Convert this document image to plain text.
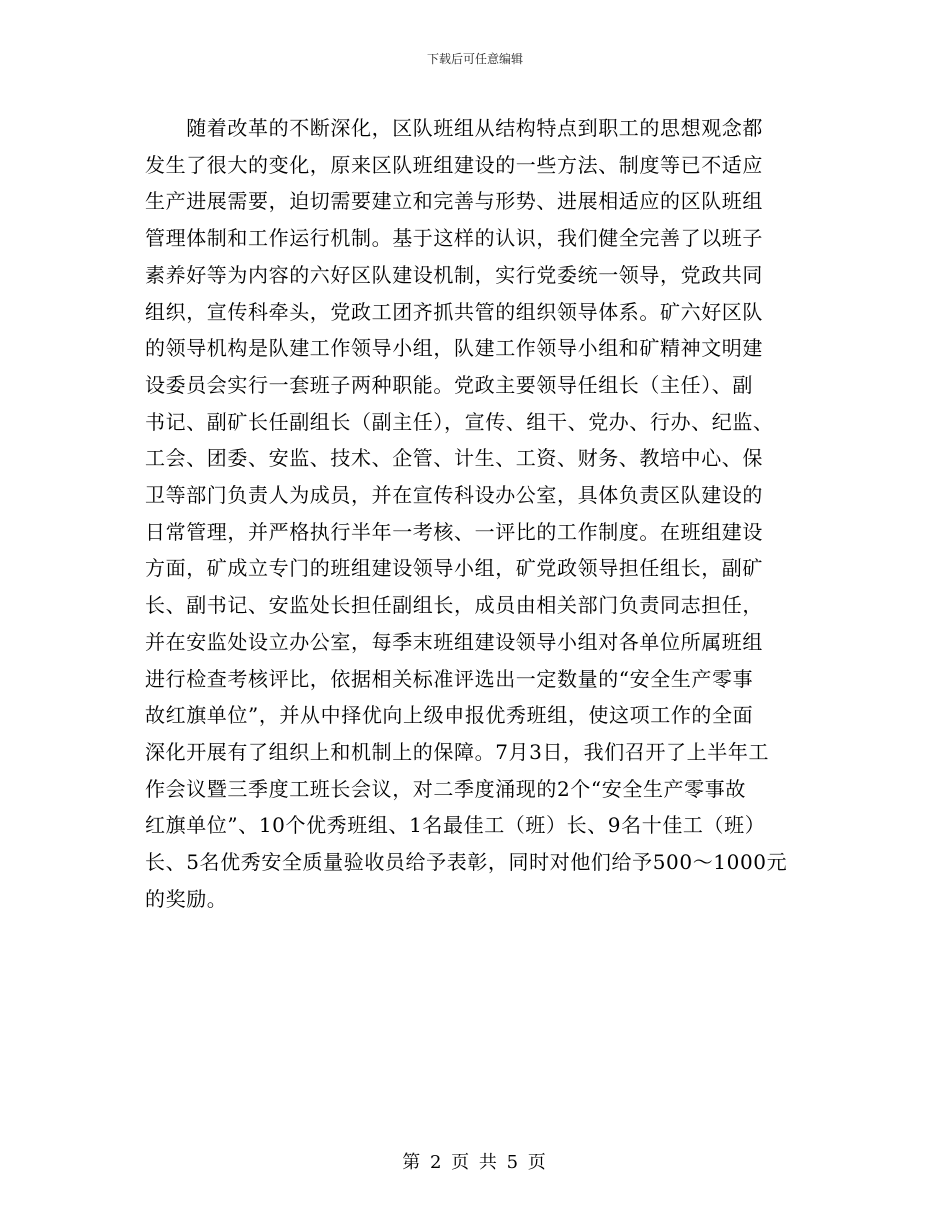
下载后可任意编辑
　　随着改革的不断深化，区队班组从结构特点到职工的思想观念都
发生了很大的变化，原来区队班组建设的一些方法、制度等已不适应
生产进展需要，迫切需要建立和完善与形势、进展相适应的区队班组
管理体制和工作运行机制。基于这样的认识，我们健全完善了以班子
素养好等为内容的六好区队建设机制，实行党委统一领导，党政共同
组织，宣传科牵头，党政工团齐抓共管的组织领导体系。矿六好区队
的领导机构是队建工作领导小组，队建工作领导小组和矿精神文明建
设委员会实行一套班子两种职能。党政主要领导任组长（主任）、副
书记、副矿长任副组长（副主任），宣传、组干、党办、行办、纪监、
工会、团委、安监、技术、企管、计生、工资、财务、教培中心、保
卫等部门负责人为成员，并在宣传科设办公室，具体负责区队建设的
日常管理，并严格执行半年一考核、一评比的工作制度。在班组建设
方面，矿成立专门的班组建设领导小组，矿党政领导担任组长，副矿
长、副书记、安监处长担任副组长，成员由相关部门负责同志担任，
并在安监处设立办公室，每季末班组建设领导小组对各单位所属班组
进行检查考核评比，依据相关标准评选出一定数量的“安全生产零事
故红旗单位”，并从中择优向上级申报优秀班组，使这项工作的全面
深化开展有了组织上和机制上的保障。7月3日，我们召开了上半年工
作会议暨三季度工班长会议，对二季度涌现的2个“安全生产零事故
红旗单位”、10个优秀班组、1名最佳工（班）长、9名十佳工（班）
长、5名优秀安全质量验收员给予表彰，同时对他们给予500～1000元
的奖励。
第 2 页 共 5 页
